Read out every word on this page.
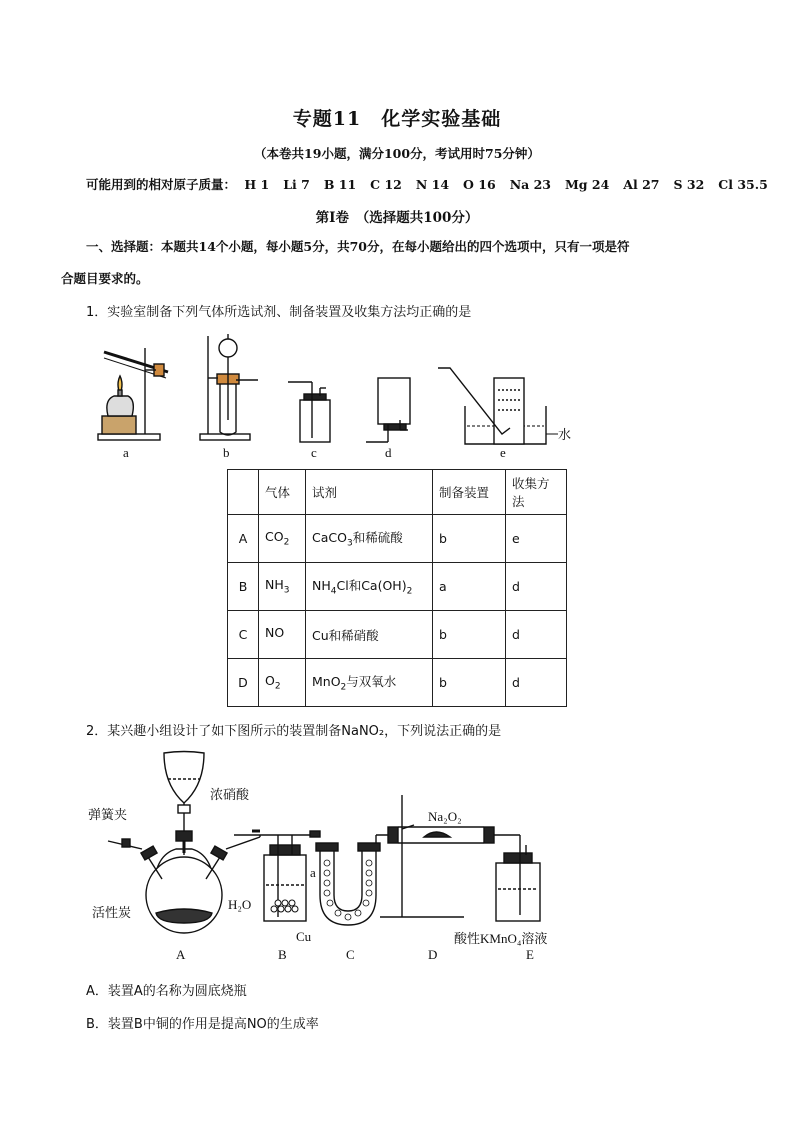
专题11　化学实验基础
（本卷共19小题，满分100分，考试用时75分钟）
可能用到的相对原子质量： H 1 Li 7 B 11 C 12 N 14 O 16 Na 23 Mg 24 Al 27 S 32 Cl 35.5
第Ⅰ卷　（选择题共100分）
一、选择题：本题共14个小题，每小题5分，共70分，在每小题给出的四个选项中，只有一项是符
合题目要求的。
1．实验室制备下列气体所选试剂、制备装置及收集方法均正确的是
a	b	c	d	e
水
	气体	试剂	制备装置	收集方法
A	$CO_2$	CaCO$_3$和稀硫酸	b	e
B	$NH_3$	$NH_4Cl$和$Ca(OH)_2$	a	d
C	NO	Cu和稀硝酸	b	d
D	$O_2$	MnO$_2$与双氧水	b	d
2．某兴趣小组设计了如下图所示的装置制备NaNO₂，下列说法正确的是
浓硝酸
弹簧夹
活性炭
H₂O
Cu
a
Na₂O₂
酸性KMnO₄溶液
A	B	C	D	E
A．装置A的名称为圆底烧瓶
B．装置B中铜的作用是提高NO的生成率
